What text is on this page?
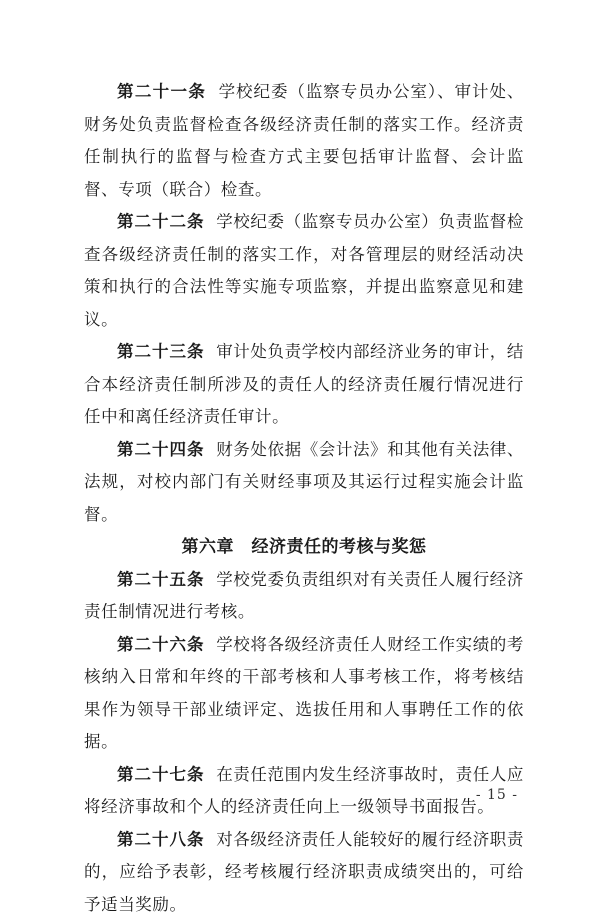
第二十一条 学校纪委（监察专员办公室）、审计处、财务处负责监督检查各级经济责任制的落实工作。经济责任制执行的监督与检查方式主要包括审计监督、会计监督、专项（联合）检查。

第二十二条 学校纪委（监察专员办公室）负责监督检查各级经济责任制的落实工作，对各管理层的财经活动决策和执行的合法性等实施专项监察，并提出监察意见和建议。

第二十三条 审计处负责学校内部经济业务的审计，结合本经济责任制所涉及的责任人的经济责任履行情况进行任中和离任经济责任审计。

第二十四条 财务处依据《会计法》和其他有关法律、法规，对校内部门有关财经事项及其运行过程实施会计监督。

第六章　经济责任的考核与奖惩

第二十五条 学校党委负责组织对有关责任人履行经济责任制情况进行考核。

第二十六条 学校将各级经济责任人财经工作实绩的考核纳入日常和年终的干部考核和人事考核工作，将考核结果作为领导干部业绩评定、选拔任用和人事聘任工作的依据。

第二十七条 在责任范围内发生经济事故时，责任人应将经济事故和个人的经济责任向上一级领导书面报告。

第二十八条 对各级经济责任人能较好的履行经济职责的，应给予表彰，经考核履行经济职责成绩突出的，可给予适当奖励。

- 15 -
